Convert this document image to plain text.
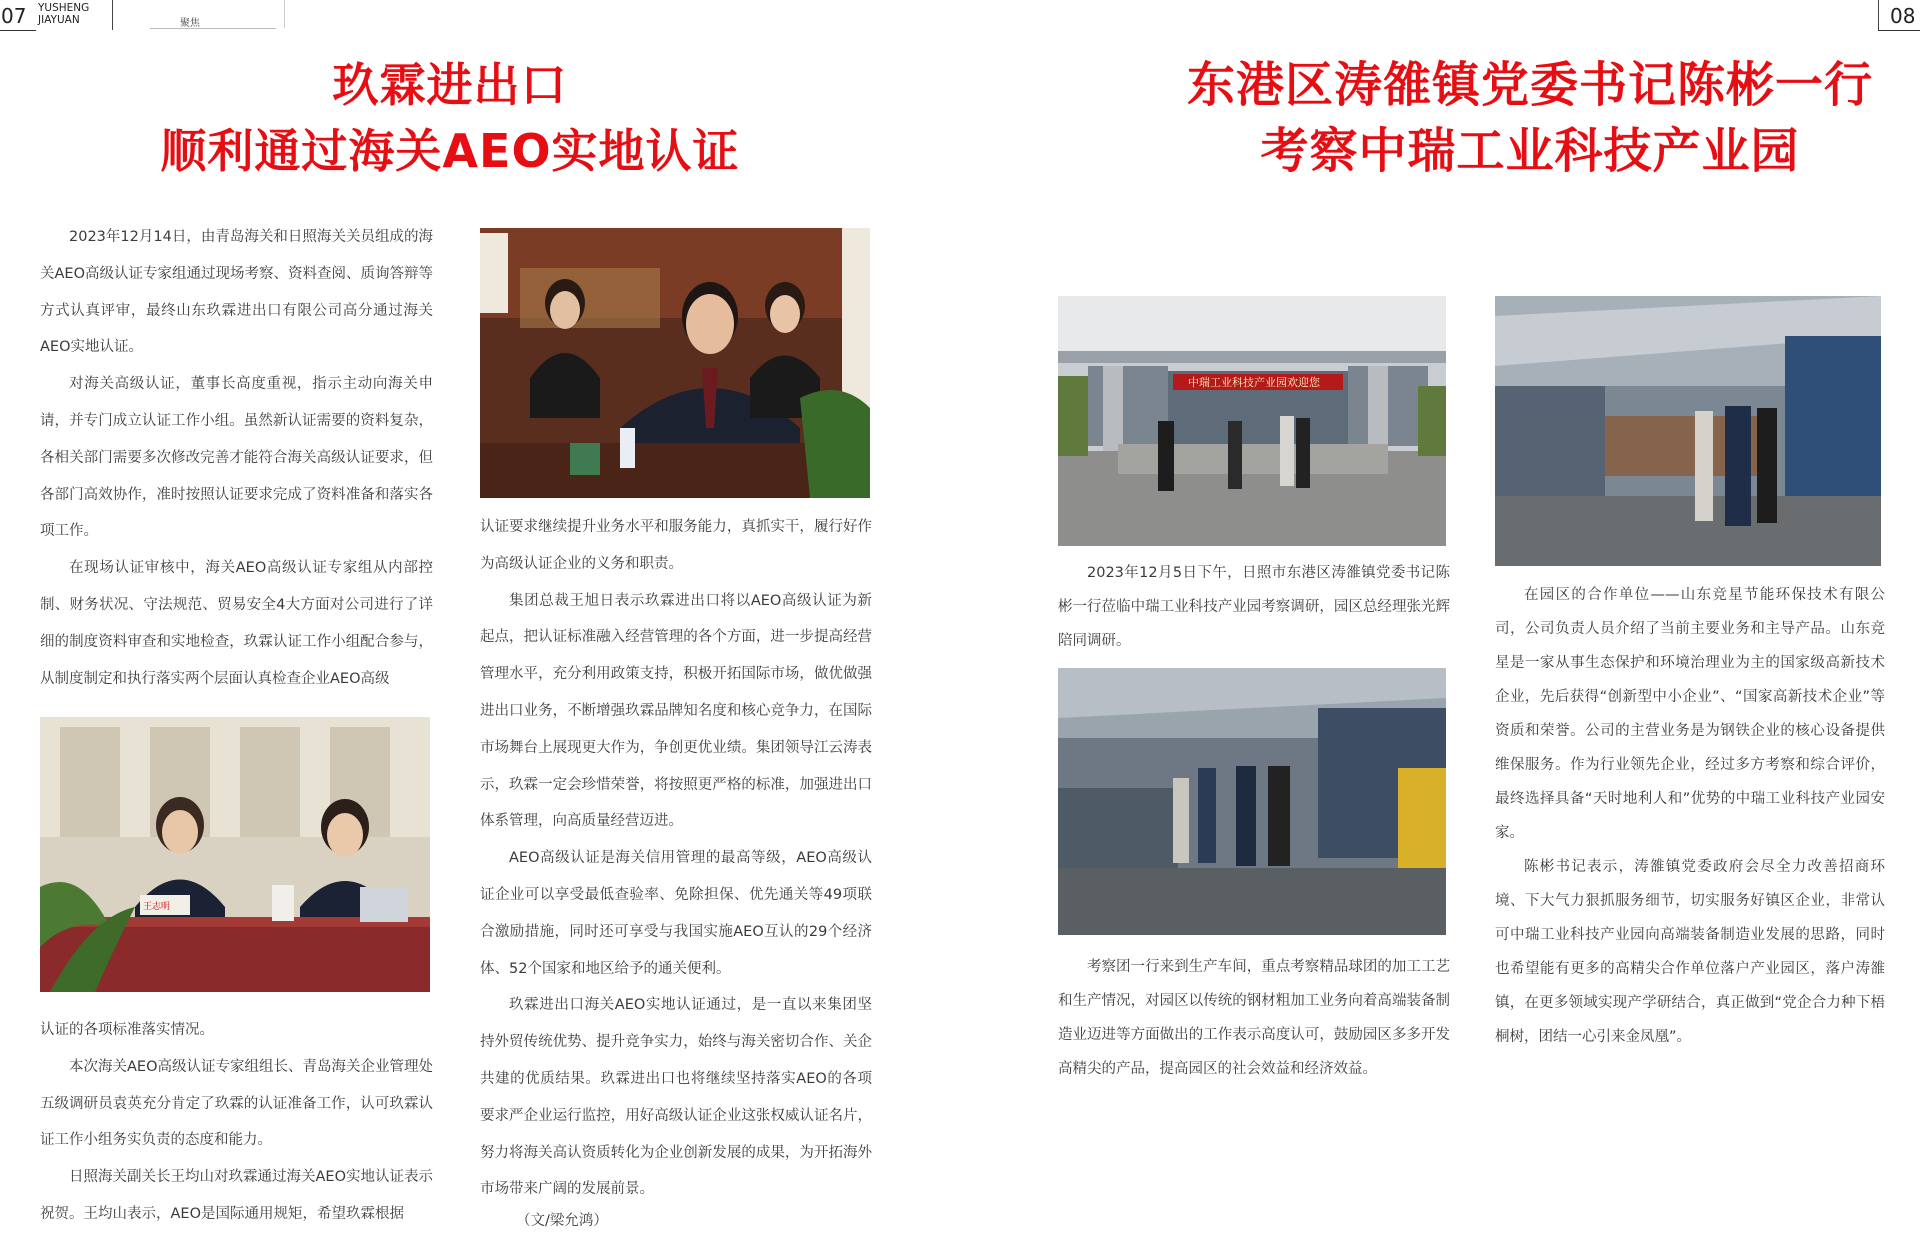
07 YUSHENG
JIAYUAN	聚焦	08
玖霖进出口
顺利通过海关AEO实地认证
东港区涛雒镇党委书记陈彬一行
考察中瑞工业科技产业园

2023年12月14日，由青岛海关和日照海关关员组成的海关AEO高级认证专家组通过现场考察、资料查阅、质询答辩等方式认真评审，最终山东玖霖进出口有限公司高分通过海关AEO实地认证。

对海关高级认证，董事长高度重视，指示主动向海关申请，并专门成立认证工作小组。虽然新认证需要的资料复杂，各相关部门需要多次修改完善才能符合海关高级认证要求，但各部门高效协作，准时按照认证要求完成了资料准备和落实各项工作。

在现场认证审核中，海关AEO高级认证专家组从内部控制、财务状况、守法规范、贸易安全4大方面对公司进行了详细的制度资料审查和实地检查，玖霖认证工作小组配合参与，从制度制定和执行落实两个层面认真检查企业AEO高级

王志明

认证的各项标准落实情况。

本次海关AEO高级认证专家组组长、青岛海关企业管理处五级调研员袁英充分肯定了玖霖的认证准备工作，认可玖霖认证工作小组务实负责的态度和能力。

日照海关副关长王均山对玖霖通过海关AEO实地认证表示祝贺。王均山表示，AEO是国际通用规矩，希望玖霖根据

认证要求继续提升业务水平和服务能力，真抓实干，履行好作为高级认证企业的义务和职责。

集团总裁王旭日表示玖霖进出口将以AEO高级认证为新起点，把认证标准融入经营管理的各个方面，进一步提高经营管理水平，充分利用政策支持，积极开拓国际市场，做优做强进出口业务，不断增强玖霖品牌知名度和核心竞争力，在国际市场舞台上展现更大作为，争创更优业绩。集团领导江云涛表示，玖霖一定会珍惜荣誉，将按照更严格的标准，加强进出口体系管理，向高质量经营迈进。

AEO高级认证是海关信用管理的最高等级，AEO高级认证企业可以享受最低查验率、免除担保、优先通关等49项联合激励措施，同时还可享受与我国实施AEO互认的29个经济体、52个国家和地区给予的通关便利。

玖霖进出口海关AEO实地认证通过，是一直以来集团坚持外贸传统优势、提升竞争实力，始终与海关密切合作、关企共建的优质结果。玖霖进出口也将继续坚持落实AEO的各项要求严企业运行监控，用好高级认证企业这张权威认证名片，努力将海关高认资质转化为企业创新发展的成果，为开拓海外市场带来广阔的发展前景。

（文/梁允鸿）
中瑞工业科技产业园欢迎您

2023年12月5日下午，日照市东港区涛雒镇党委书记陈彬一行莅临中瑞工业科技产业园考察调研，园区总经理张光辉陪同调研。

考察团一行来到生产车间，重点考察精品球团的加工工艺和生产情况，对园区以传统的钢材粗加工业务向着高端装备制造业迈进等方面做出的工作表示高度认可，鼓励园区多多开发高精尖的产品，提高园区的社会效益和经济效益。

在园区的合作单位——山东竞星节能环保技术有限公司，公司负责人员介绍了当前主要业务和主导产品。山东竞星是一家从事生态保护和环境治理业为主的国家级高新技术企业，先后获得“创新型中小企业”、“国家高新技术企业”等资质和荣誉。公司的主营业务是为钢铁企业的核心设备提供维保服务。作为行业领先企业，经过多方考察和综合评价，最终选择具备“天时地利人和”优势的中瑞工业科技产业园安家。

陈彬书记表示，涛雒镇党委政府会尽全力改善招商环境、下大气力狠抓服务细节，切实服务好镇区企业，非常认可中瑞工业科技产业园向高端装备制造业发展的思路，同时也希望能有更多的高精尖合作单位落户产业园区，落户涛雒镇，在更多领域实现产学研结合，真正做到“党企合力种下梧桐树，团结一心引来金凤凰”。
